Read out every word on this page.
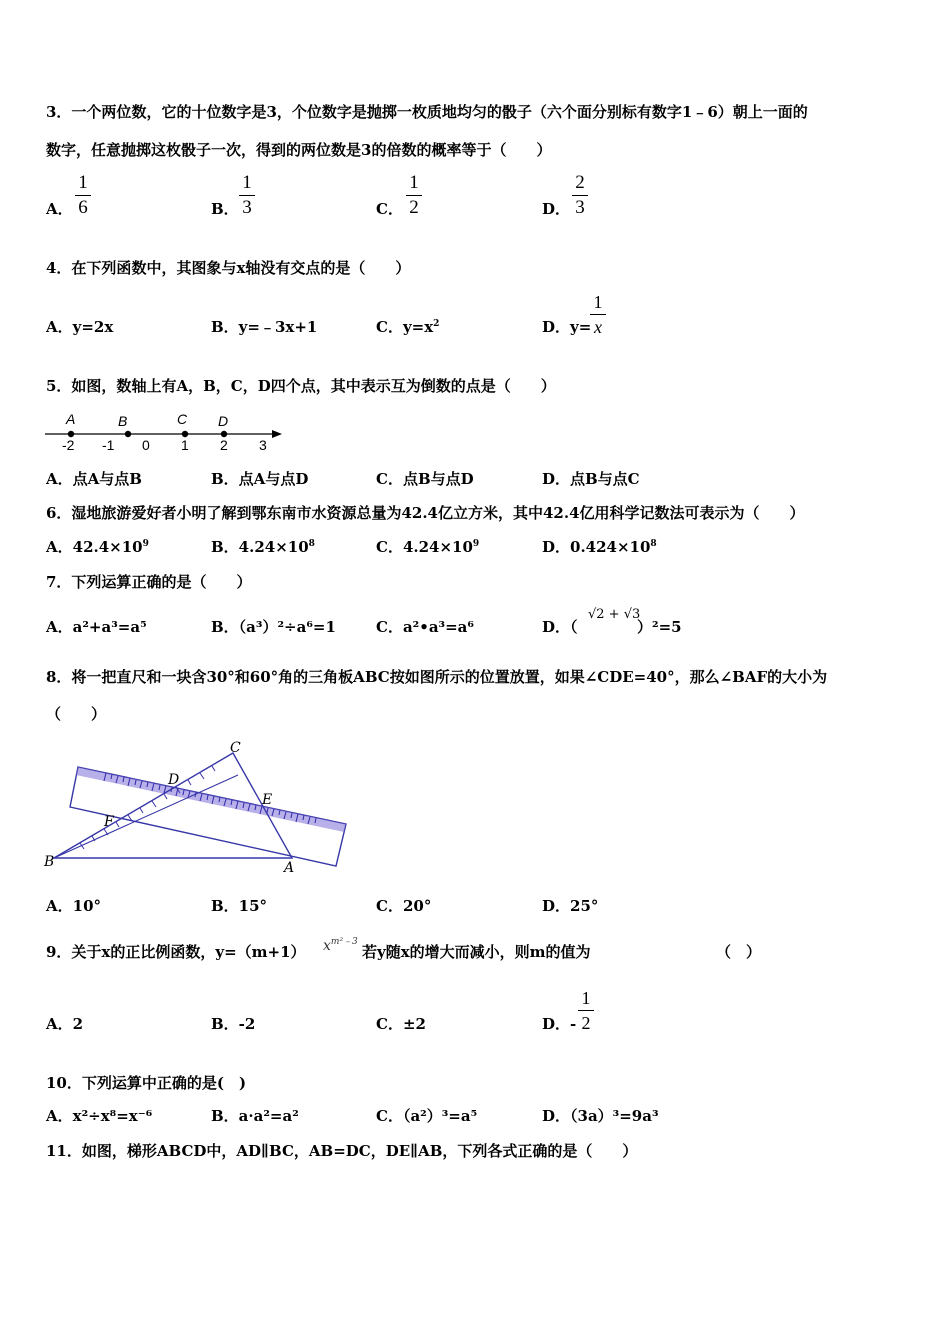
3．一个两位数，它的十位数字是3，个位数字是抛掷一枚质地均匀的骰子（六个面分别标有数字1﹣6）朝上一面的
数字，任意抛掷这枚骰子一次，得到的两位数是3的倍数的概率等于（　　）
A．
1
6	B．
1
3	C．
1
2	D．
2
3
4．在下列函数中，其图象与x轴没有交点的是（　　）
A．y=2x	B．y=﹣3x+1	C．$y=x^2$	D．y=
1
x
5．如图，数轴上有A，B，C，D四个点，其中表示互为倒数的点是（　　）
A	B	C D
-2 -1 0 1 2 3
A．点A与点B	B．点A与点D	C．点B与点D	D．点B与点C
6．湿地旅游爱好者小明了解到鄂东南市水资源总量为42.4亿立方米，其中42.4亿用科学记数法可表示为（　　）
A．$42.4\times 10^9$	B．$4.24\times 10^8$	C．$4.24\times 10^9$	D．$0.424\times 10^8$
7．下列运算正确的是（　　）
A．a²+a³=a⁵	B．（a³）²÷a⁶=1	C．a²•a³=a⁶	D．（
√2 + √3
）²=5
8．将一把直尺和一块含30°和60°角的三角板ABC按如图所示的位置放置，如果∠CDE=40°，那么∠BAF的大小为
（　　）
C
D
E
F
B	A
A．10°	B．15°	C．20°	D．25°
9．关于x的正比例函数，y=（m+1） $x^{m^2﹣3}$
若y随x的增大而减小，则m的值为	（　）
A．2	B．-2	C．±2	D．-
1
2
10．下列运算中正确的是(　)
A．x²÷x⁸=x⁻⁶	B．a·a²=a²	C．（a²）³=a⁵	D．（3a）³=9a³
11．如图，梯形ABCD中，AD∥BC，AB=DC，DE∥AB，下列各式正确的是（　　）
